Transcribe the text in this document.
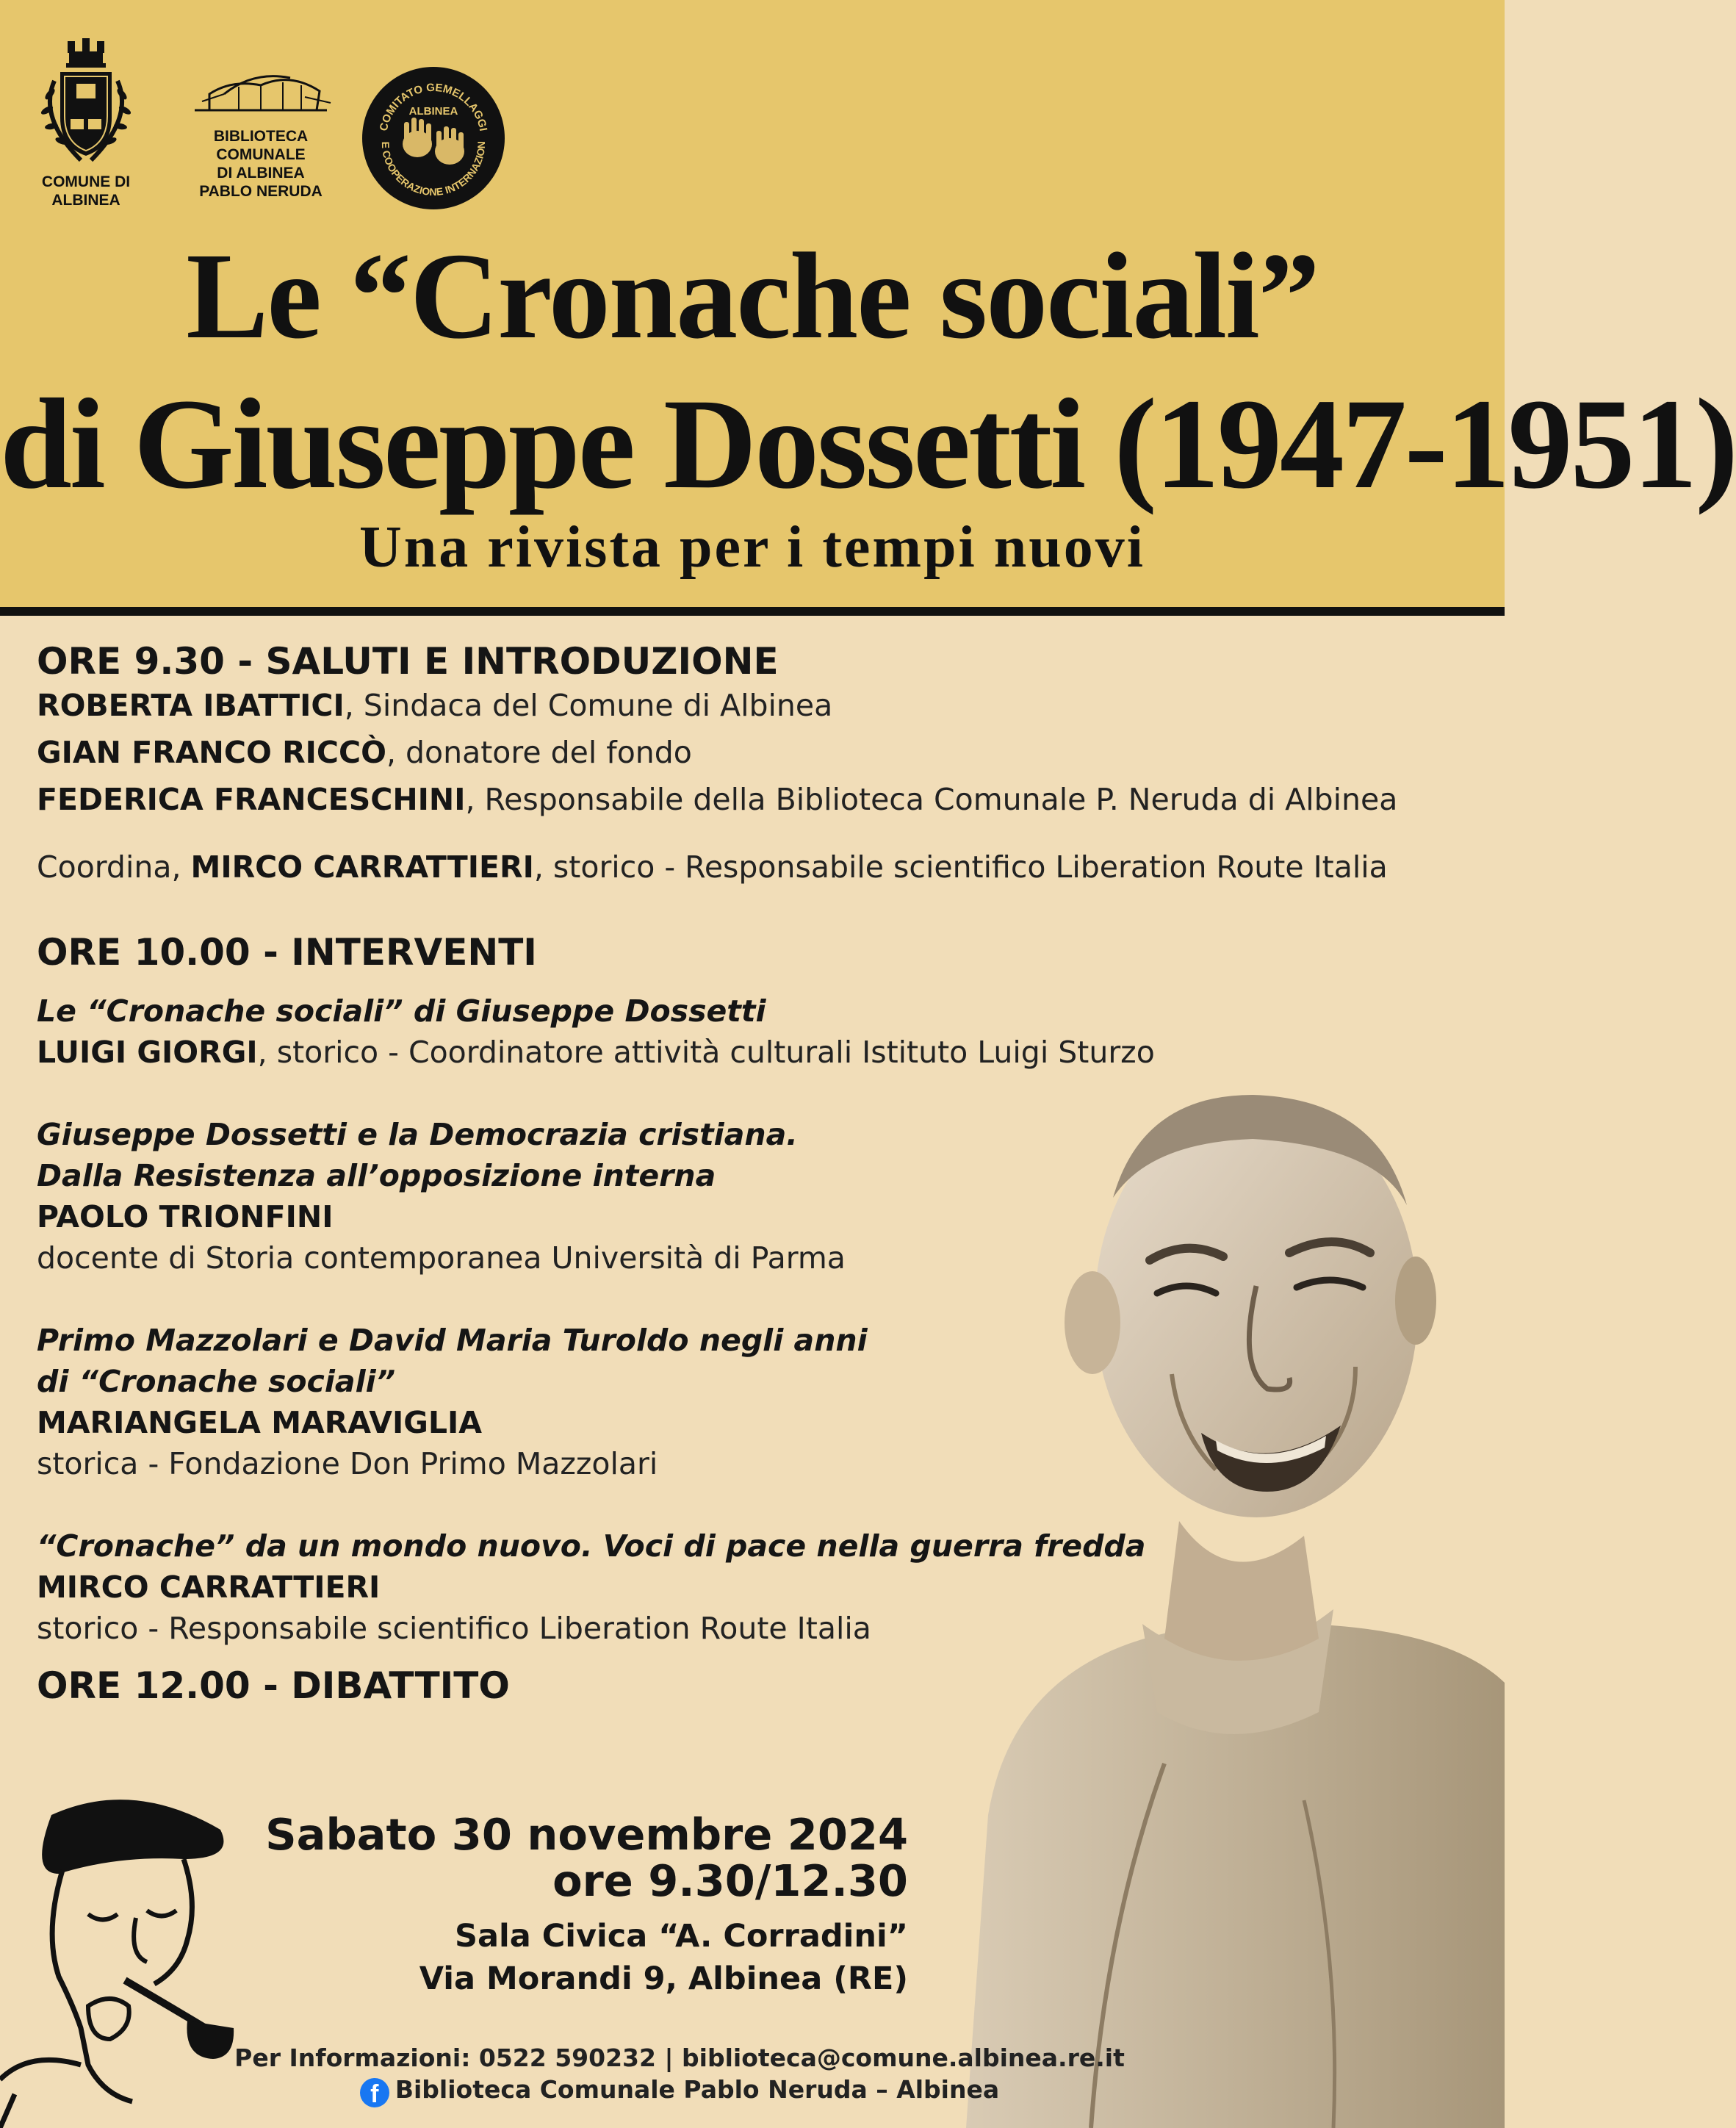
COMUNE DI ALBINEA
BIBLIOTECA COMUNALE
DI ALBINEA
PABLO NERUDA
COMITATO GEMELLAGGI
ALBINEA
E COOPERAZIONE INTERNAZION
Le “Cronache sociali”
di Giuseppe Dossetti (1947-1951)
Una rivista per i tempi nuovi
ORE 9.30 - SALUTI E INTRODUZIONE
ROBERTA IBATTICI, Sindaca del Comune di Albinea
GIAN FRANCO RICCÒ, donatore del fondo
FEDERICA FRANCESCHINI, Responsabile della Biblioteca Comunale P. Neruda di Albinea
Coordina, MIRCO CARRATTIERI, storico - Responsabile scientifico Liberation Route Italia
ORE 10.00 - INTERVENTI
Le “Cronache sociali” di Giuseppe Dossetti
LUIGI GIORGI, storico - Coordinatore attività culturali Istituto Luigi Sturzo
Giuseppe Dossetti e la Democrazia cristiana.
Dalla Resistenza all’opposizione interna
PAOLO TRIONFINI
docente di Storia contemporanea Università di Parma
Primo Mazzolari e David Maria Turoldo negli anni
di “Cronache sociali”
MARIANGELA MARAVIGLIA
storica - Fondazione Don Primo Mazzolari
“Cronache” da un mondo nuovo. Voci di pace nella guerra fredda
MIRCO CARRATTIERI
storico - Responsabile scientifico Liberation Route Italia
ORE 12.00 - DIBATTITO
Sabato 30 novembre 2024
ore 9.30/12.30
Sala Civica “A. Corradini”
Via Morandi 9, Albinea (RE)
Per Informazioni: 0522 590232 | biblioteca@comune.albinea.re.it
f Biblioteca Comunale Pablo Neruda – Albinea
